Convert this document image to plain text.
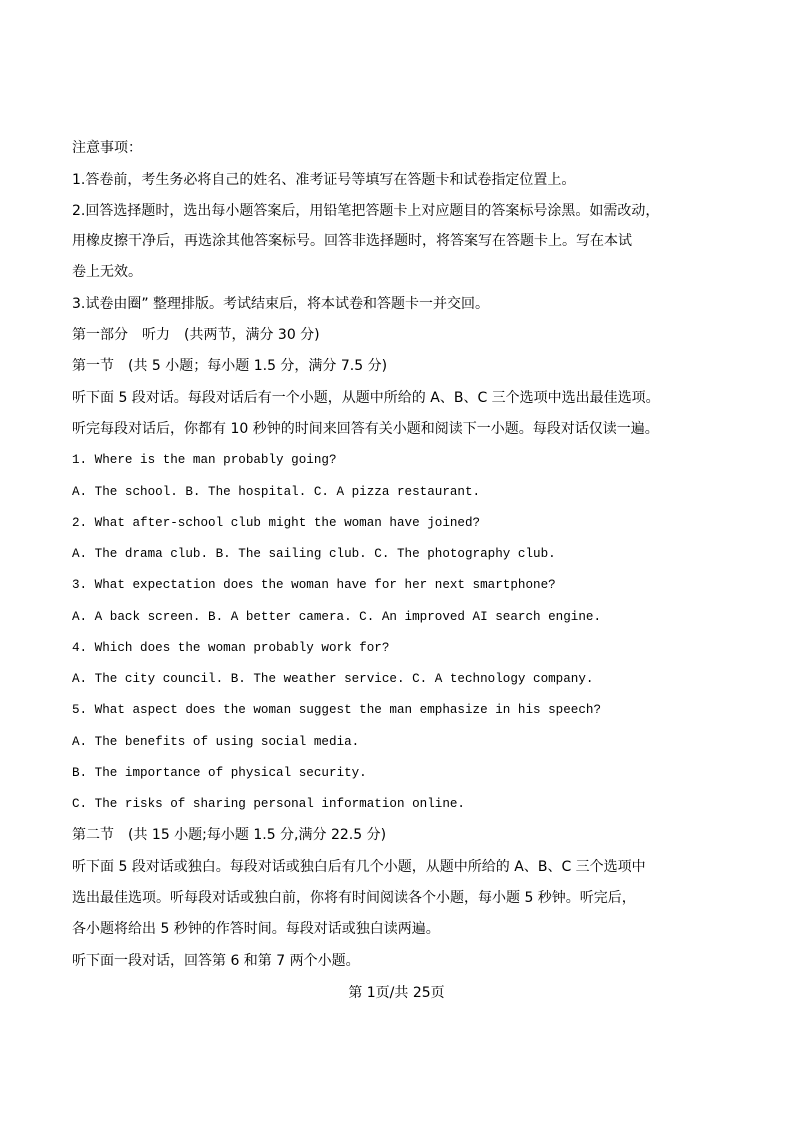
注意事项：
1.答卷前，考生务必将自己的姓名、准考证号等填写在答题卡和试卷指定位置上。
2.回答选择题时，选出每小题答案后，用铅笔把答题卡上对应题目的答案标号涂黑。如需改动，
用橡皮擦干净后，再选涂其他答案标号。回答非选择题时，将答案写在答题卡上。写在本试
卷上无效。
3.试卷由圈” 整理排版。考试结束后，将本试卷和答题卡一并交回。
第一部分　听力　(共两节，满分 30 分)
第一节　(共 5 小题；每小题 1.5 分，满分 7.5 分)
听下面 5 段对话。每段对话后有一个小题，从题中所给的 A、B、C 三个选项中选出最佳选项。
听完每段对话后，你都有 10 秒钟的时间来回答有关小题和阅读下一小题。每段对话仅读一遍。
1. Where is the man probably going?
A. The school. B. The hospital. C. A pizza restaurant.
2. What after-school club might the woman have joined?
A. The drama club. B. The sailing club. C. The photography club.
3. What expectation does the woman have for her next smartphone?
A. A back screen. B. A better camera. C. An improved AI search engine.
4. Which does the woman probably work for?
A. The city council. B. The weather service. C. A technology company.
5. What aspect does the woman suggest the man emphasize in his speech?
A. The benefits of using social media.
B. The importance of physical security.
C. The risks of sharing personal information online.
第二节　(共 15 小题;每小题 1.5 分,满分 22.5 分)
听下面 5 段对话或独白。每段对话或独白后有几个小题，从题中所给的 A、B、C 三个选项中
选出最佳选项。听每段对话或独白前，你将有时间阅读各个小题，每小题 5 秒钟。听完后，
各小题将给出 5 秒钟的作答时间。每段对话或独白读两遍。
听下面一段对话，回答第 6 和第 7 两个小题。
第 1页/共 25页
